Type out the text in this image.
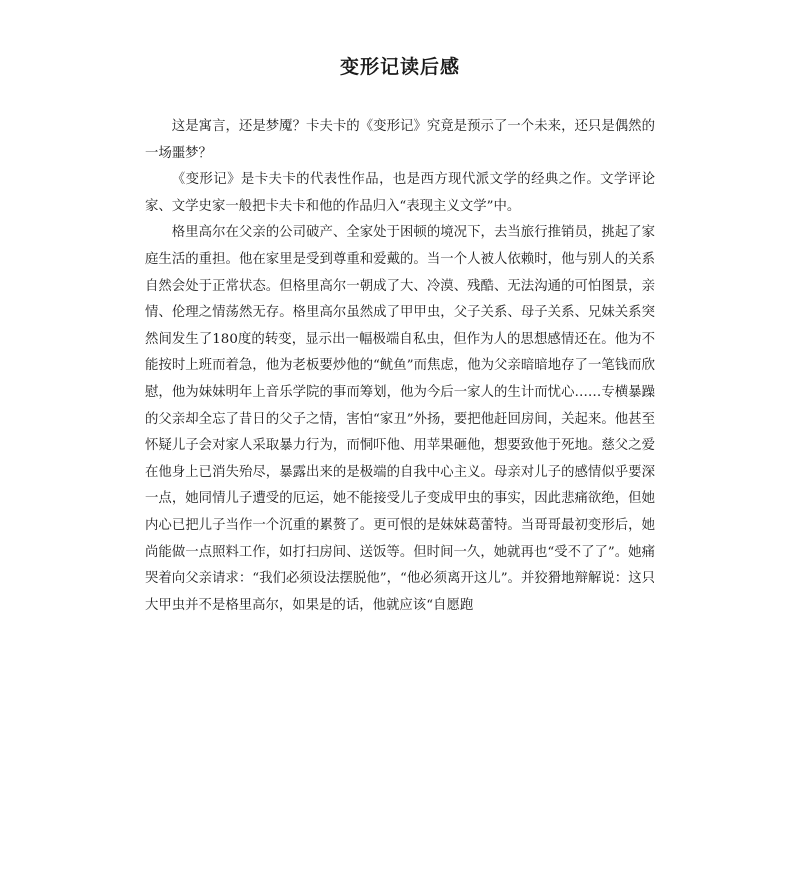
变形记读后感

这是寓言，还是梦魇？卡夫卡的《变形记》究竟是预示了一个未来，还只是偶然的一场噩梦？

《变形记》是卡夫卡的代表性作品，也是西方现代派文学的经典之作。文学评论家、文学史家一般把卡夫卡和他的作品归入“表现主义文学”中。

格里高尔在父亲的公司破产、全家处于困顿的境况下，去当旅行推销员，挑起了家庭生活的重担。他在家里是受到尊重和爱戴的。当一个人被人依赖时，他与别人的关系自然会处于正常状态。但格里高尔一朝成了大、冷漠、残酷、无法沟通的可怕图景，亲情、伦理之情荡然无存。格里高尔虽然成了甲甲虫，父子关系、母子关系、兄妹关系突然间发生了180度的转变，显示出一幅极端自私虫，但作为人的思想感情还在。他为不能按时上班而着急，他为老板要炒他的“鱿鱼”而焦虑，他为父亲暗暗地存了一笔钱而欣慰，他为妹妹明年上音乐学院的事而筹划，他为今后一家人的生计而忧心……专横暴躁的父亲却全忘了昔日的父子之情，害怕“家丑”外扬，要把他赶回房间，关起来。他甚至怀疑儿子会对家人采取暴力行为，而恫吓他、用苹果砸他，想要致他于死地。慈父之爱在他身上已消失殆尽，暴露出来的是极端的自我中心主义。母亲对儿子的感情似乎要深一点，她同情儿子遭受的厄运，她不能接受儿子变成甲虫的事实，因此悲痛欲绝，但她内心已把儿子当作一个沉重的累赘了。更可恨的是妹妹葛蕾特。当哥哥最初变形后，她尚能做一点照料工作，如打扫房间、送饭等。但时间一久，她就再也“受不了了”。她痛哭着向父亲请求：“我们必须设法摆脱他”，“他必须离开这儿”。并狡猾地辩解说：这只大甲虫并不是格里高尔，如果是的话，他就应该“自愿跑
